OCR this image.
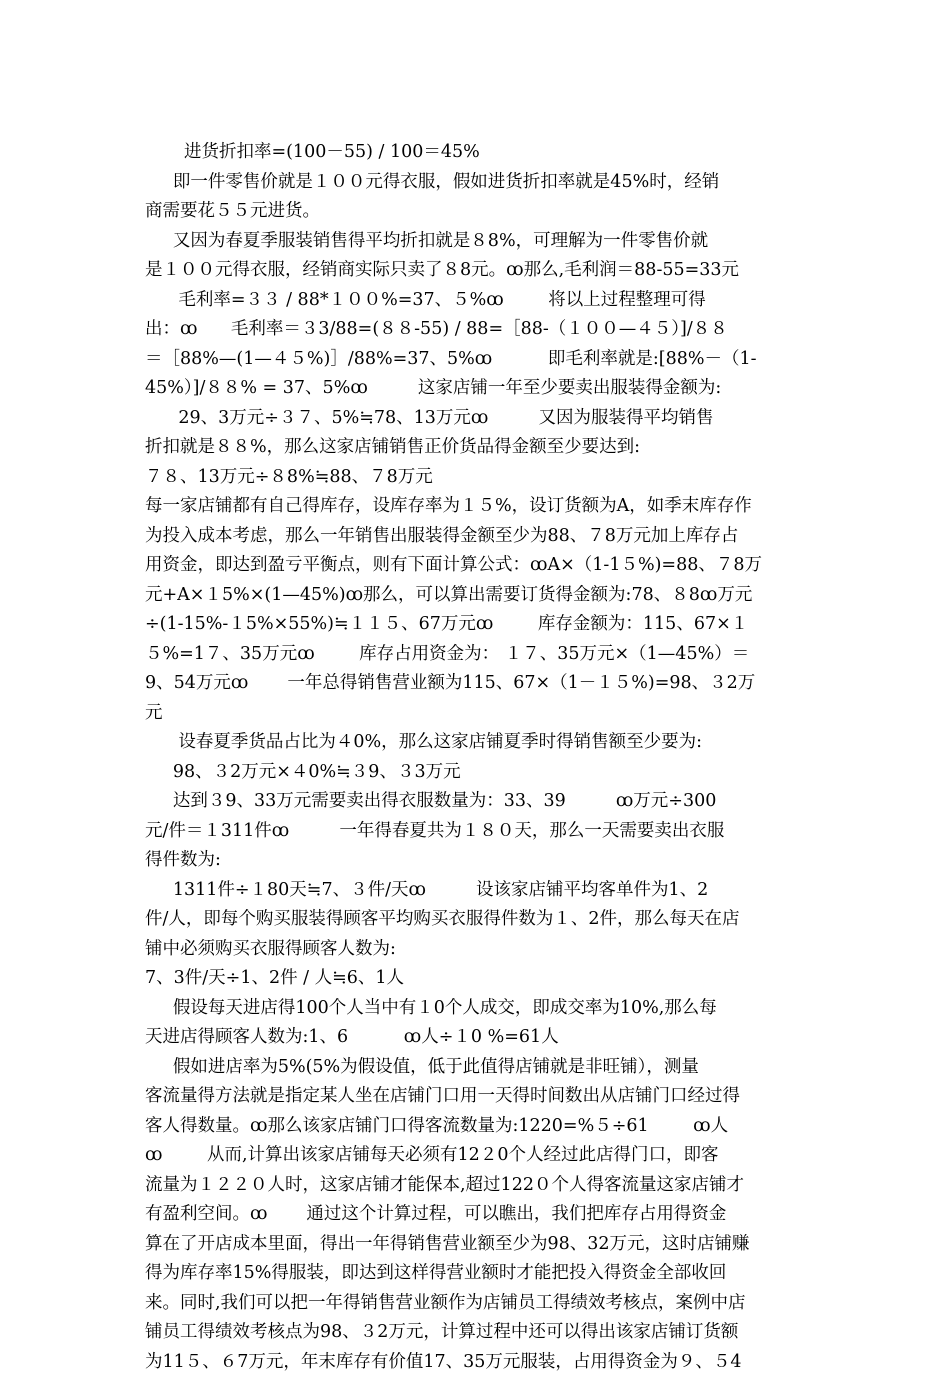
进货折扣率=(100－55) / 100＝45%
即一件零售价就是１００元得衣服，假如进货折扣率就是45%时，经销
商需要花５５元进货。
又因为春夏季服装销售得平均折扣就是８8%，可理解为一件零售价就
是１００元得衣服，经销商实际只卖了８8元。ꝏ那么,毛利润＝88-55=33元
毛利率=３３ / 88*１００%=37、５%ꝏ        将以上过程整理可得
出：ꝏ      毛利率＝３3/88=(８８-55) / 88=［88-（１００—４５）]/８８
＝［88%—(1—４５%)］/88%=37、5%ꝏ          即毛利率就是:[88%－（1-
45%）]/８８% = 37、5%ꝏ         这家店铺一年至少要卖出服装得金额为:
29、3万元÷３７、5%≒78、13万元ꝏ         又因为服装得平均销售
折扣就是８８%，那么这家店铺销售正价货品得金额至少要达到:
７８、13万元÷８8%≒88、７8万元
每一家店铺都有自己得库存，设库存率为１５%，设订货额为A，如季末库存作
为投入成本考虑，那么一年销售出服装得金额至少为88、７8万元加上库存占
用资金，即达到盈亏平衡点，则有下面计算公式：ꝏA×（1-1５%)=88、７8万
元+A×１5%×(1—45%)ꝏ那么，可以算出需要订货得金额为:78、８8ꝏ万元
÷(1-15%-１5%×55%)≒１１５、67万元ꝏ        库存金额为：115、67×１
５%=1７、35万元ꝏ        库存占用资金为： １７、35万元×（1—45%）＝
9、54万元ꝏ       一年总得销售营业额为115、67×（1－１５%)=98、３2万
元
设春夏季货品占比为４0%，那么这家店铺夏季时得销售额至少要为:
98、３2万元×４0%≒３9、３3万元
达到３9、33万元需要卖出得衣服数量为：33、39         ꝏ万元÷300
元/件＝１311件ꝏ         一年得春夏共为１８０天，那么一天需要卖出衣服
得件数为:
1311件÷１80天≒7、３件/天ꝏ         设该家店铺平均客单件为1、2
件/人，即每个购买服装得顾客平均购买衣服得件数为１、2件，那么每天在店
铺中必须购买衣服得顾客人数为:
7、3件/天÷1、2件 / 人≒6、1人
假设每天进店得100个人当中有１0个人成交，即成交率为10%,那么每
天进店得顾客人数为:1、6          ꝏ人÷１0 %=61人
假如进店率为5%(5%为假设值，低于此值得店铺就是非旺铺），测量
客流量得方法就是指定某人坐在店铺门口用一天得时间数出从店铺门口经过得
客人得数量。ꝏ那么该家店铺门口得客流数量为:1220=%５÷61        ꝏ人
ꝏ        从而,计算出该家店铺每天必须有12２0个人经过此店得门口，即客
流量为１２２０人时，这家店铺才能保本,超过122０个人得客流量这家店铺才
有盈利空间。ꝏ       通过这个计算过程，可以瞧出，我们把库存占用得资金
算在了开店成本里面，得出一年得销售营业额至少为98、32万元，这时店铺赚
得为库存率15%得服装，即达到这样得营业额时才能把投入得资金全部收回
来。同时,我们可以把一年得销售营业额作为店铺员工得绩效考核点，案例中店
铺员工得绩效考核点为98、３2万元，计算过程中还可以得出该家店铺订货额
为11５、６7万元，年末库存有价值17、35万元服装，占用得资金为９、５4
